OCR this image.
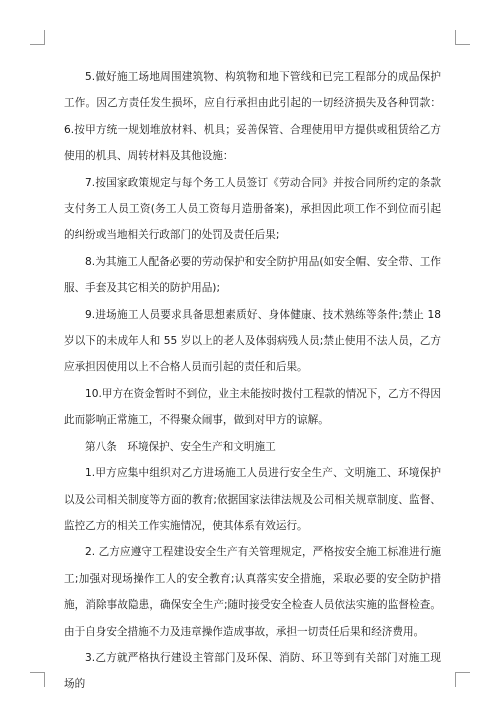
5.做好施工场地周围建筑物、构筑物和地下管线和已完工程部分的成品保护工作。因乙方责任发生损坏，应自行承担由此引起的一切经济损失及各种罚款：6.按甲方统一规划堆放材料、机具；妥善保管、合理使用甲方提供或租赁给乙方使用的机具、周转材料及其他设施：

7.按国家政策规定与每个务工人员签订《劳动合同》并按合同所约定的条款支付务工人员工资(务工人员工资每月造册备案)，承担因此项工作不到位而引起的纠纷或当地相关行政部门的处罚及责任后果;

8.为其施工人配备必要的劳动保护和安全防护用品(如安全帽、安全带、工作服、手套及其它相关的防护用品);

9.进场施工人员要求具备思想素质好、身体健康、技术熟练等条件;禁止 18 岁以下的未成年人和 55 岁以上的老人及体弱病残人员;禁止使用不法人员，乙方应承担因使用以上不合格人员而引起的责任和后果。

10.甲方在资金暂时不到位，业主未能按时拨付工程款的情况下，乙方不得因此而影响正常施工，不得聚众闹事，做到对甲方的谅解。

第八条　环境保护、安全生产和文明施工

1.甲方应集中组织对乙方进场施工人员进行安全生产、文明施工、环境保护以及公司相关制度等方面的教育;依据国家法律法规及公司相关规章制度、监督、监控乙方的相关工作实施情况，使其体系有效运行。

2. 乙方应遵守工程建设安全生产有关管理规定，严格按安全施工标准进行施工;加强对现场操作工人的安全教育;认真落实安全措施，采取必要的安全防护措施，消除事故隐患，确保安全生产;随时接受安全检查人员依法实施的监督检查。由于自身安全措施不力及违章操作造成事故，承担一切责任后果和经济费用。

3.乙方就严格执行建设主管部门及环保、消防、环卫等到有关部门对施工现场的
